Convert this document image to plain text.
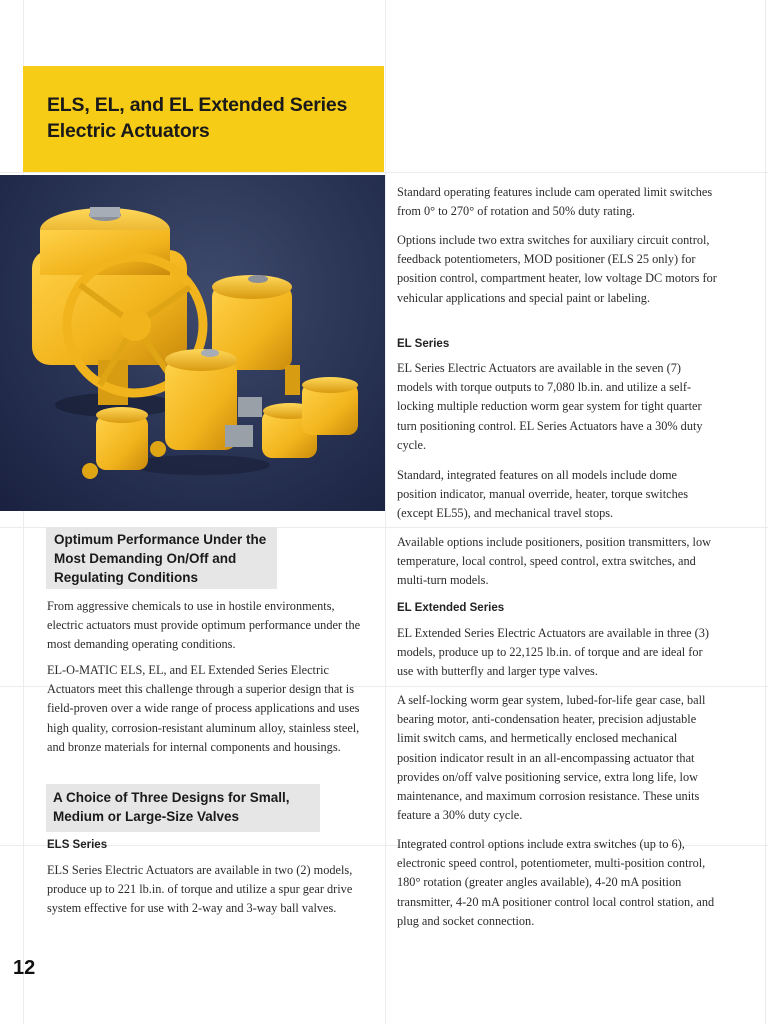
ELS, EL, and EL Extended Series Electric Actuators
Optimum Performance Under the Most Demanding On/Off and Regulating Conditions

From aggressive chemicals to use in hostile environments, electric actuators must provide optimum performance under the most demanding operating conditions.

EL-O-MATIC ELS, EL, and EL Extended Series Electric Actuators meet this challenge through a superior design that is field-proven over a wide range of process applications and uses high quality, corrosion-resistant aluminum alloy, stainless steel, and bronze materials for internal components and housings.

A Choice of Three Designs for Small, Medium or Large-Size Valves
ELS Series

ELS Series Electric Actuators are available in two (2) models, produce up to 221 lb.in. of torque and utilize a spur gear drive system effective for use with 2-way and 3-way ball valves.

Standard operating features include cam operated limit switches from 0° to 270° of rotation and 50% duty rating.

Options include two extra switches for auxiliary circuit control, feedback potentiometers, MOD positioner (ELS 25 only) for position control, compartment heater, low voltage DC motors for vehicular applications and special paint or labeling.

EL Series

EL Series Electric Actuators are available in the seven (7) models with torque outputs to 7,080 lb.in. and utilize a self-locking multiple reduction worm gear system for tight quarter turn positioning control. EL Series Actuators have a 30% duty cycle.

Standard, integrated features on all models include dome position indicator, manual override, heater, torque switches (except EL55), and mechanical travel stops.

Available options include positioners, position transmitters, low temperature, local control, speed control, extra switches, and multi-turn models.

EL Extended Series

EL Extended Series Electric Actuators are available in three (3) models, produce up to 22,125 lb.in. of torque and are ideal for use with butterfly and larger type valves.

A self-locking worm gear system, lubed-for-life gear case, ball bearing motor, anti-condensation heater, precision adjustable limit switch cams, and hermetically enclosed mechanical position indicator result in an all-encompassing actuator that provides on/off valve positioning service, extra long life, low maintenance, and maximum corrosion resistance. These units feature a 30% duty cycle.

Integrated control options include extra switches (up to 6), electronic speed control, potentiometer, multi-position control, 180° rotation (greater angles available), 4-20 mA position transmitter, 4-20 mA positioner control local control station, and plug and socket connection.

12
